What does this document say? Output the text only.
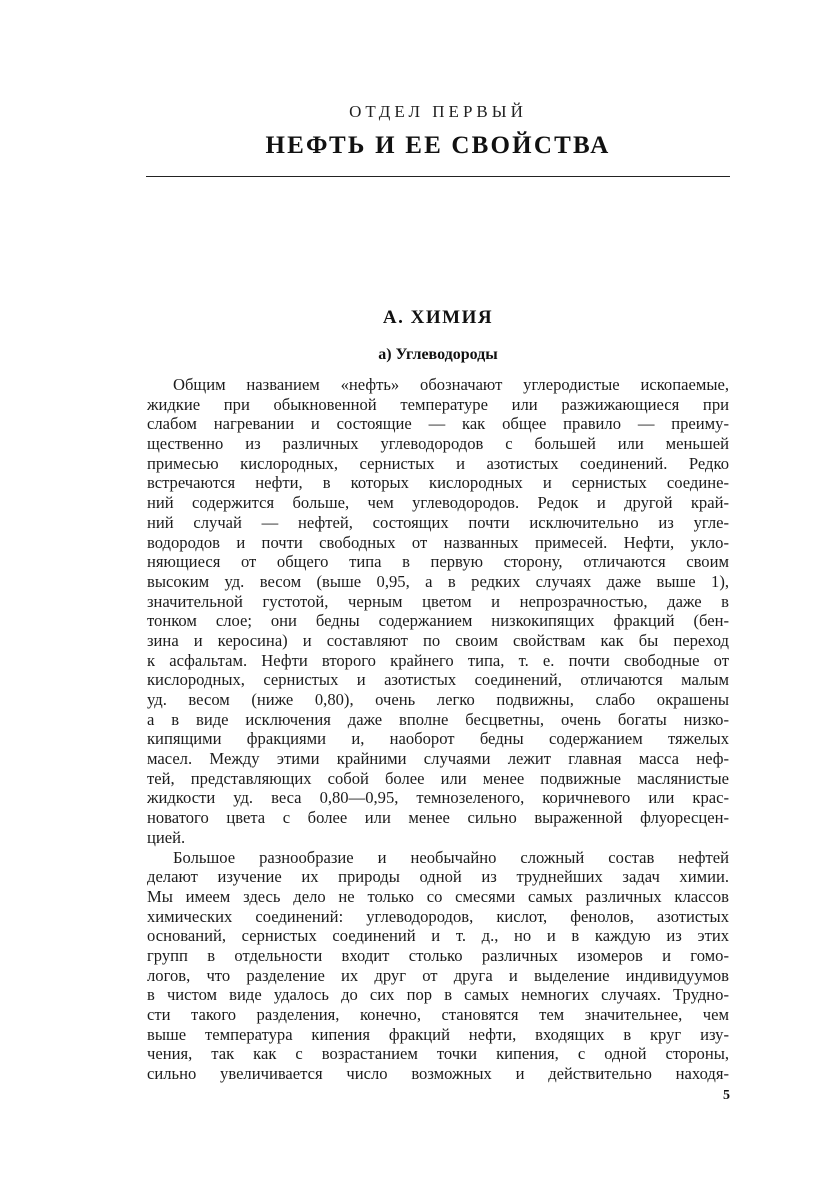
ОТДЕЛ ПЕРВЫЙ
НЕФТЬ И ЕЕ СВОЙСТВА
А. ХИМИЯ
а) Углеводороды
Общим названием «нефть» обозначают углеродистые ископаемые,
жидкие при обыкновенной температуре или разжижающиеся при
слабом нагревании и состоящие — как общее правило — преиму-
щественно из различных углеводородов с большей или меньшей
примесью кислородных, сернистых и азотистых соединений. Редко
встречаются нефти, в которых кислородных и сернистых соедине-
ний содержится больше, чем углеводородов. Редок и другой край-
ний случай — нефтей, состоящих почти исключительно из угле-
водородов и почти свободных от названных примесей. Нефти, укло-
няющиеся от общего типа в первую сторону, отличаются своим
высоким уд. весом (выше 0,95, а в редких случаях даже выше 1),
значительной густотой, черным цветом и непрозрачностью, даже в
тонком слое; они бедны содержанием низкокипящих фракций (бен-
зина и керосина) и составляют по своим свойствам как бы переход
к асфальтам. Нефти второго крайнего типа, т. е. почти свободные от
кислородных, сернистых и азотистых соединений, отличаются малым
уд. весом (ниже 0,80), очень легко подвижны, слабо окрашены
а в виде исключения даже вполне бесцветны, очень богаты низко-
кипящими фракциями и, наоборот бедны содержанием тяжелых
масел. Между этими крайними случаями лежит главная масса неф-
тей, представляющих собой более или менее подвижные маслянистые
жидкости уд. веса 0,80—0,95, темнозеленого, коричневого или крас-
новатого цвета с более или менее сильно выраженной флуоресцен-
цией.
Большое разнообразие и необычайно сложный состав нефтей
делают изучение их природы одной из труднейших задач химии.
Мы имеем здесь дело не только со смесями самых различных классов
химических соединений: углеводородов, кислот, фенолов, азотистых
оснований, сернистых соединений и т. д., но и в каждую из этих
групп в отдельности входит столько различных изомеров и гомо-
логов, что разделение их друг от друга и выделение индивидуумов
в чистом виде удалось до сих пор в самых немногих случаях. Трудно-
сти такого разделения, конечно, становятся тем значительнее, чем
выше температура кипения фракций нефти, входящих в круг изу-
чения, так как с возрастанием точки кипения, с одной стороны,
сильно увеличивается число возможных и действительно находя-
5
